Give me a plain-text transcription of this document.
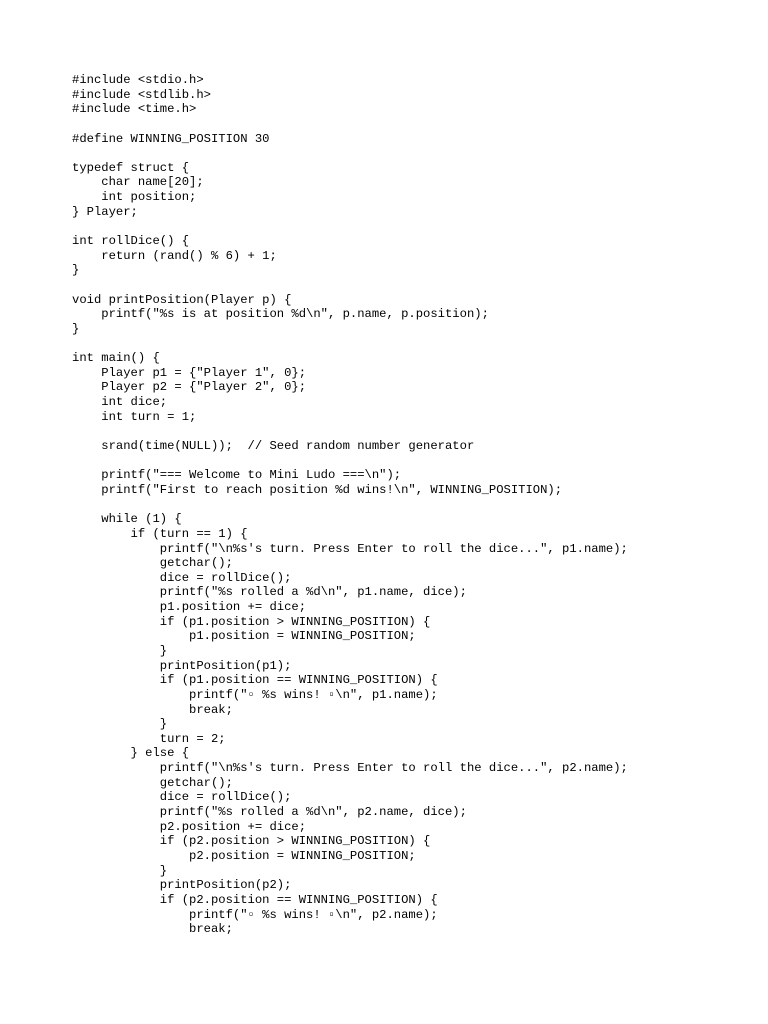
#include <stdio.h>
#include <stdlib.h>
#include <time.h>
#define WINNING_POSITION 30
typedef struct {
char name[20];
int position;
} Player;
int rollDice() {
return (rand() % 6) + 1;
}
void printPosition(Player p) {
printf("%s is at position %d\n", p.name, p.position);
}
int main() {
Player p1 = {"Player 1", 0};
Player p2 = {"Player 2", 0};
int dice;
int turn = 1;
srand(time(NULL));  // Seed random number generator
printf("=== Welcome to Mini Ludo ===\n");
printf("First to reach position %d wins!\n", WINNING_POSITION);
while (1) {
if (turn == 1) {
printf("\n%s's turn. Press Enter to roll the dice...", p1.name);
getchar();
dice = rollDice();
printf("%s rolled a %d\n", p1.name, dice);
p1.position += dice;
if (p1.position > WINNING_POSITION) {
p1.position = WINNING_POSITION;
}
printPosition(p1);
if (p1.position == WINNING_POSITION) {
printf("▫ %s wins! ▫\n", p1.name);
break;
}
turn = 2;
} else {
printf("\n%s's turn. Press Enter to roll the dice...", p2.name);
getchar();
dice = rollDice();
printf("%s rolled a %d\n", p2.name, dice);
p2.position += dice;
if (p2.position > WINNING_POSITION) {
p2.position = WINNING_POSITION;
}
printPosition(p2);
if (p2.position == WINNING_POSITION) {
printf("▫ %s wins! ▫\n", p2.name);
break;
